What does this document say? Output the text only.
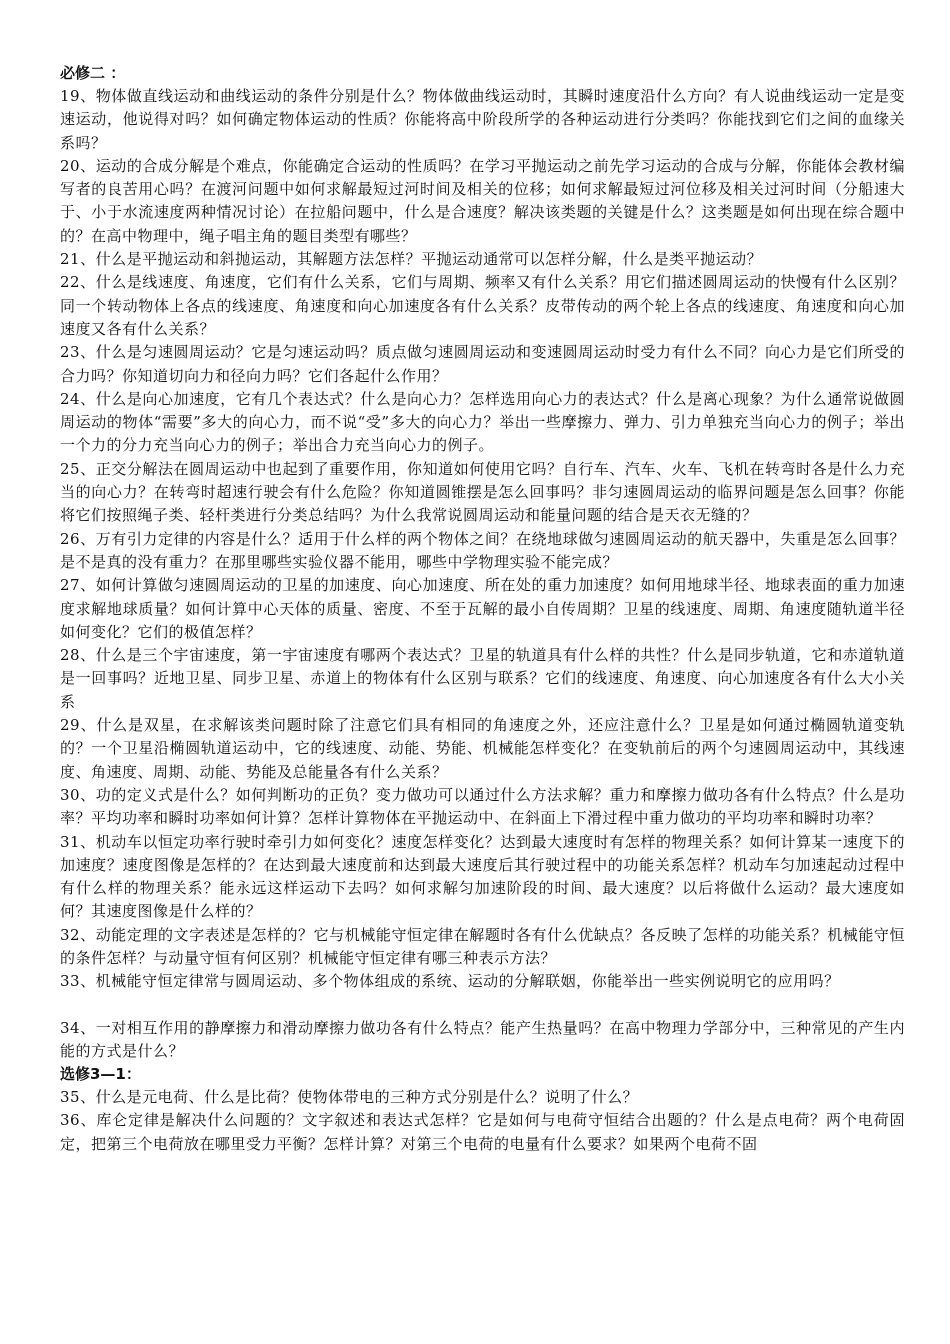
必修二 ：

19、物体做直线运动和曲线运动的条件分别是什么？物体做曲线运动时，其瞬时速度沿什么方向？有人说曲线运动一定是变速运动，他说得对吗？如何确定物体运动的性质？你能将高中阶段所学的各种运动进行分类吗？你能找到它们之间的血缘关系吗？

20、运动的合成分解是个难点，你能确定合运动的性质吗？在学习平抛运动之前先学习运动的合成与分解，你能体会教材编写者的良苦用心吗？在渡河问题中如何求解最短过河时间及相关的位移；如何求解最短过河位移及相关过河时间（分船速大于、小于水流速度两种情况讨论）在拉船问题中，什么是合速度？解决该类题的关键是什么？这类题是如何出现在综合题中的？在高中物理中，绳子唱主角的题目类型有哪些？

21、什么是平抛运动和斜抛运动，其解题方法怎样？平抛运动通常可以怎样分解，什么是类平抛运动？

22、什么是线速度、角速度，它们有什么关系，它们与周期、频率又有什么关系？用它们描述圆周运动的快慢有什么区别？同一个转动物体上各点的线速度、角速度和向心加速度各有什么关系？皮带传动的两个轮上各点的线速度、角速度和向心加速度又各有什么关系？

23、什么是匀速圆周运动？它是匀速运动吗？质点做匀速圆周运动和变速圆周运动时受力有什么不同？向心力是它们所受的合力吗？你知道切向力和径向力吗？它们各起什么作用？

24、什么是向心加速度，它有几个表达式？什么是向心力？怎样选用向心力的表达式？什么是离心现象？为什么通常说做圆周运动的物体“需要”多大的向心力，而不说“受”多大的向心力？举出一些摩擦力、弹力、引力单独充当向心力的例子；举出一个力的分力充当向心力的例子；举出合力充当向心力的例子。

25、正交分解法在圆周运动中也起到了重要作用，你知道如何使用它吗？自行车、汽车、火车、飞机在转弯时各是什么力充当的向心力？在转弯时超速行驶会有什么危险？你知道圆锥摆是怎么回事吗？非匀速圆周运动的临界问题是怎么回事？你能将它们按照绳子类、轻杆类进行分类总结吗？为什么我常说圆周运动和能量问题的结合是天衣无缝的？

26、万有引力定律的内容是什么？适用于什么样的两个物体之间？在绕地球做匀速圆周运动的航天器中，失重是怎么回事？是不是真的没有重力？在那里哪些实验仪器不能用，哪些中学物理实验不能完成？

27、如何计算做匀速圆周运动的卫星的加速度、向心加速度、所在处的重力加速度？如何用地球半径、地球表面的重力加速度求解地球质量？如何计算中心天体的质量、密度、不至于瓦解的最小自传周期？卫星的线速度、周期、角速度随轨道半径如何变化？它们的极值怎样？

28、什么是三个宇宙速度，第一宇宙速度有哪两个表达式？卫星的轨道具有什么样的共性？什么是同步轨道，它和赤道轨道是一回事吗？近地卫星、同步卫星、赤道上的物体有什么区别与联系？它们的线速度、角速度、向心加速度各有什么大小关系

29、什么是双星，在求解该类问题时除了注意它们具有相同的角速度之外，还应注意什么？卫星是如何通过椭圆轨道变轨的？一个卫星沿椭圆轨道运动中，它的线速度、动能、势能、机械能怎样变化？在变轨前后的两个匀速圆周运动中，其线速度、角速度、周期、动能、势能及总能量各有什么关系？

30、功的定义式是什么？如何判断功的正负？变力做功可以通过什么方法求解？重力和摩擦力做功各有什么特点？什么是功率？平均功率和瞬时功率如何计算？怎样计算物体在平抛运动中、在斜面上下滑过程中重力做功的平均功率和瞬时功率？

31、机动车以恒定功率行驶时牵引力如何变化？速度怎样变化？达到最大速度时有怎样的物理关系？如何计算某一速度下的加速度？速度图像是怎样的？在达到最大速度前和达到最大速度后其行驶过程中的功能关系怎样？机动车匀加速起动过程中有什么样的物理关系？能永远这样运动下去吗？如何求解匀加速阶段的时间、最大速度？以后将做什么运动？最大速度如何？其速度图像是什么样的？

32、动能定理的文字表述是怎样的？它与机械能守恒定律在解题时各有什么优缺点？各反映了怎样的功能关系？机械能守恒的条件怎样？与动量守恒有何区别？机械能守恒定律有哪三种表示方法？

33、机械能守恒定律常与圆周运动、多个物体组成的系统、运动的分解联姻，你能举出一些实例说明它的应用吗？

34、一对相互作用的静摩擦力和滑动摩擦力做功各有什么特点？能产生热量吗？在高中物理力学部分中，三种常见的产生内能的方式是什么？

选修3—1：

35、什么是元电荷、什么是比荷？使物体带电的三种方式分别是什么？说明了什么？

36、库仑定律是解决什么问题的？文字叙述和表达式怎样？它是如何与电荷守恒结合出题的？什么是点电荷？两个电荷固定，把第三个电荷放在哪里受力平衡？怎样计算？对第三个电荷的电量有什么要求？如果两个电荷不固
